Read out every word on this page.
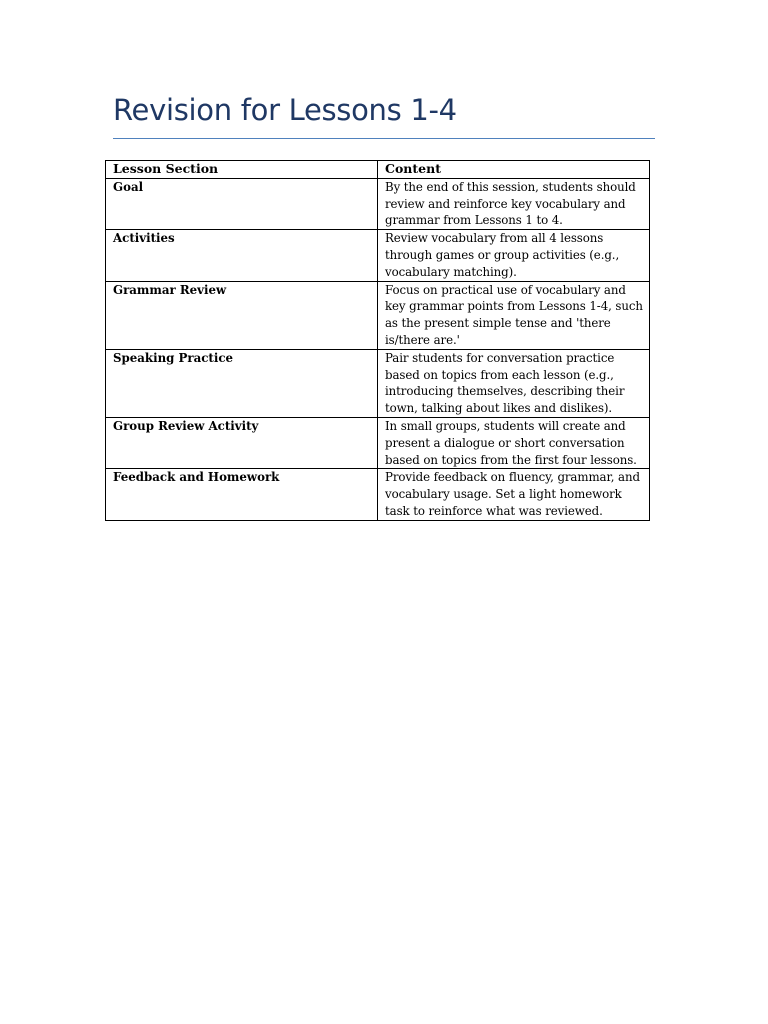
Revision for Lessons 1-4
Lesson Section	Content
Goal	By the end of this session, students should review and reinforce key vocabulary and grammar from Lessons 1 to 4.
Activities	Review vocabulary from all 4 lessons through games or group activities (e.g., vocabulary matching).
Grammar Review	Focus on practical use of vocabulary and key grammar points from Lessons 1-4, such as the present simple tense and 'there is/there are.'
Speaking Practice	Pair students for conversation practice based on topics from each lesson (e.g., introducing themselves, describing their town, talking about likes and dislikes).
Group Review Activity	In small groups, students will create and present a dialogue or short conversation based on topics from the first four lessons.
Feedback and Homework	Provide feedback on fluency, grammar, and vocabulary usage. Set a light homework task to reinforce what was reviewed.
